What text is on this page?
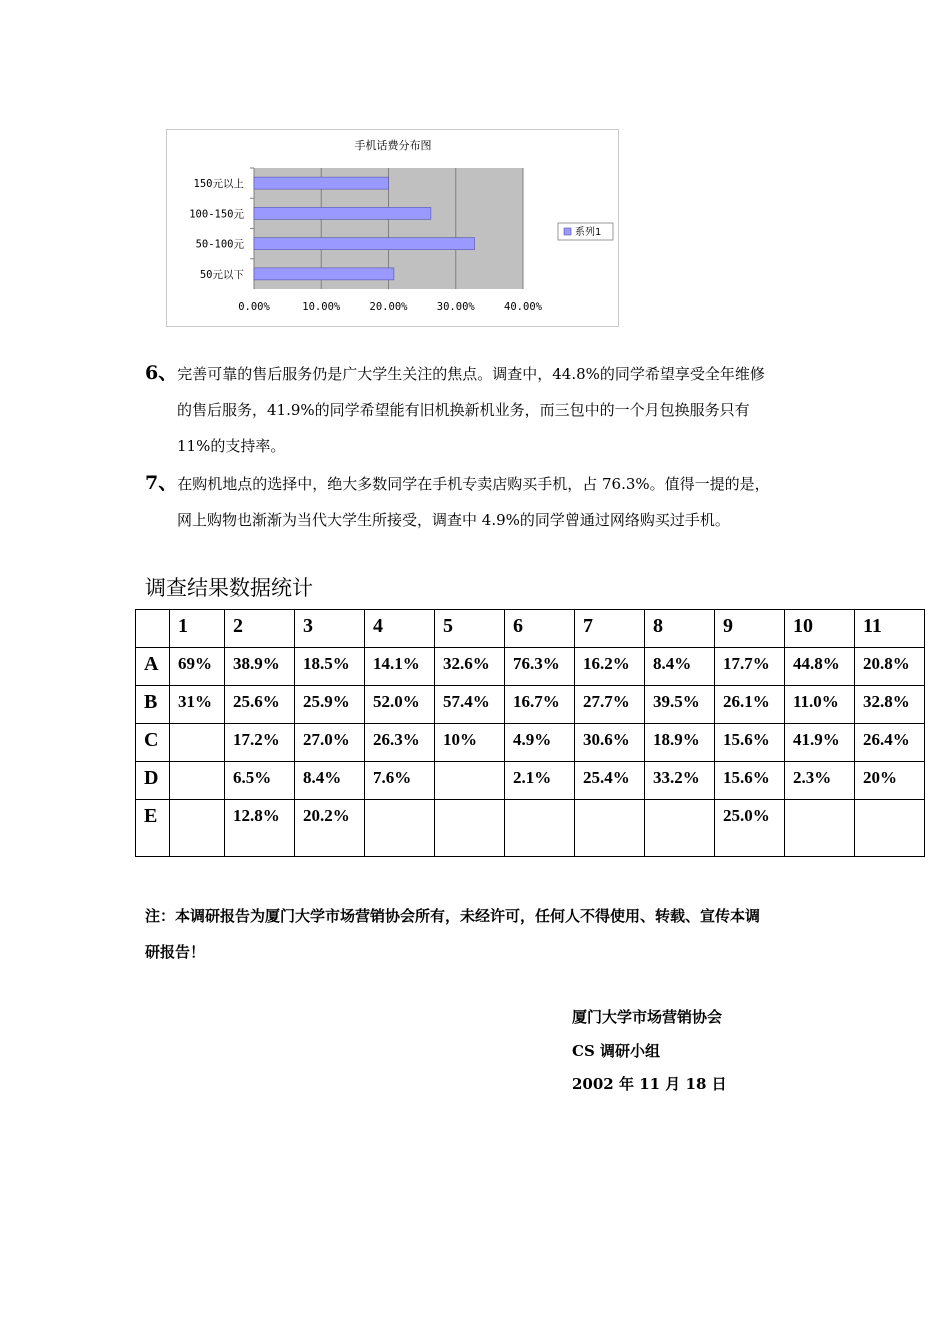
手机话费分布图
150元以上
100-150元
50-100元
50元以下
0.00%	10.00%	20.00%	30.00%	40.00%
系列1
6、完善可靠的售后服务仍是广大学生关注的焦点。调查中，44.8%的同学希望享受全年维修
的售后服务，41.9%的同学希望能有旧机换新机业务，而三包中的一个月包换服务只有
11%的支持率。
7、在购机地点的选择中，绝大多数同学在手机专卖店购买手机，占 76.3%。值得一提的是，
网上购物也渐渐为当代大学生所接受，调查中 4.9%的同学曾通过网络购买过手机。
调查结果数据统计
	1	2	3	4	5	6	7	8	9	10	11
A	69%	38.9%	18.5%	14.1%	32.6%	76.3%	16.2%	8.4%	17.7%	44.8%	20.8%
B	31%	25.6%	25.9%	52.0%	57.4%	16.7%	27.7%	39.5%	26.1%	11.0%	32.8%
C		17.2%	27.0%	26.3%	10%	4.9%	30.6%	18.9%	15.6%	41.9%	26.4%
D		6.5%	8.4%	7.6%		2.1%	25.4%	33.2%	15.6%	2.3%	20%
E		12.8%	20.2%						25.0%		
注：本调研报告为厦门大学市场营销协会所有，未经许可，任何人不得使用、转载、宣传本调
研报告！
厦门大学市场营销协会
CS 调研小组
2002 年 11 月 18 日
